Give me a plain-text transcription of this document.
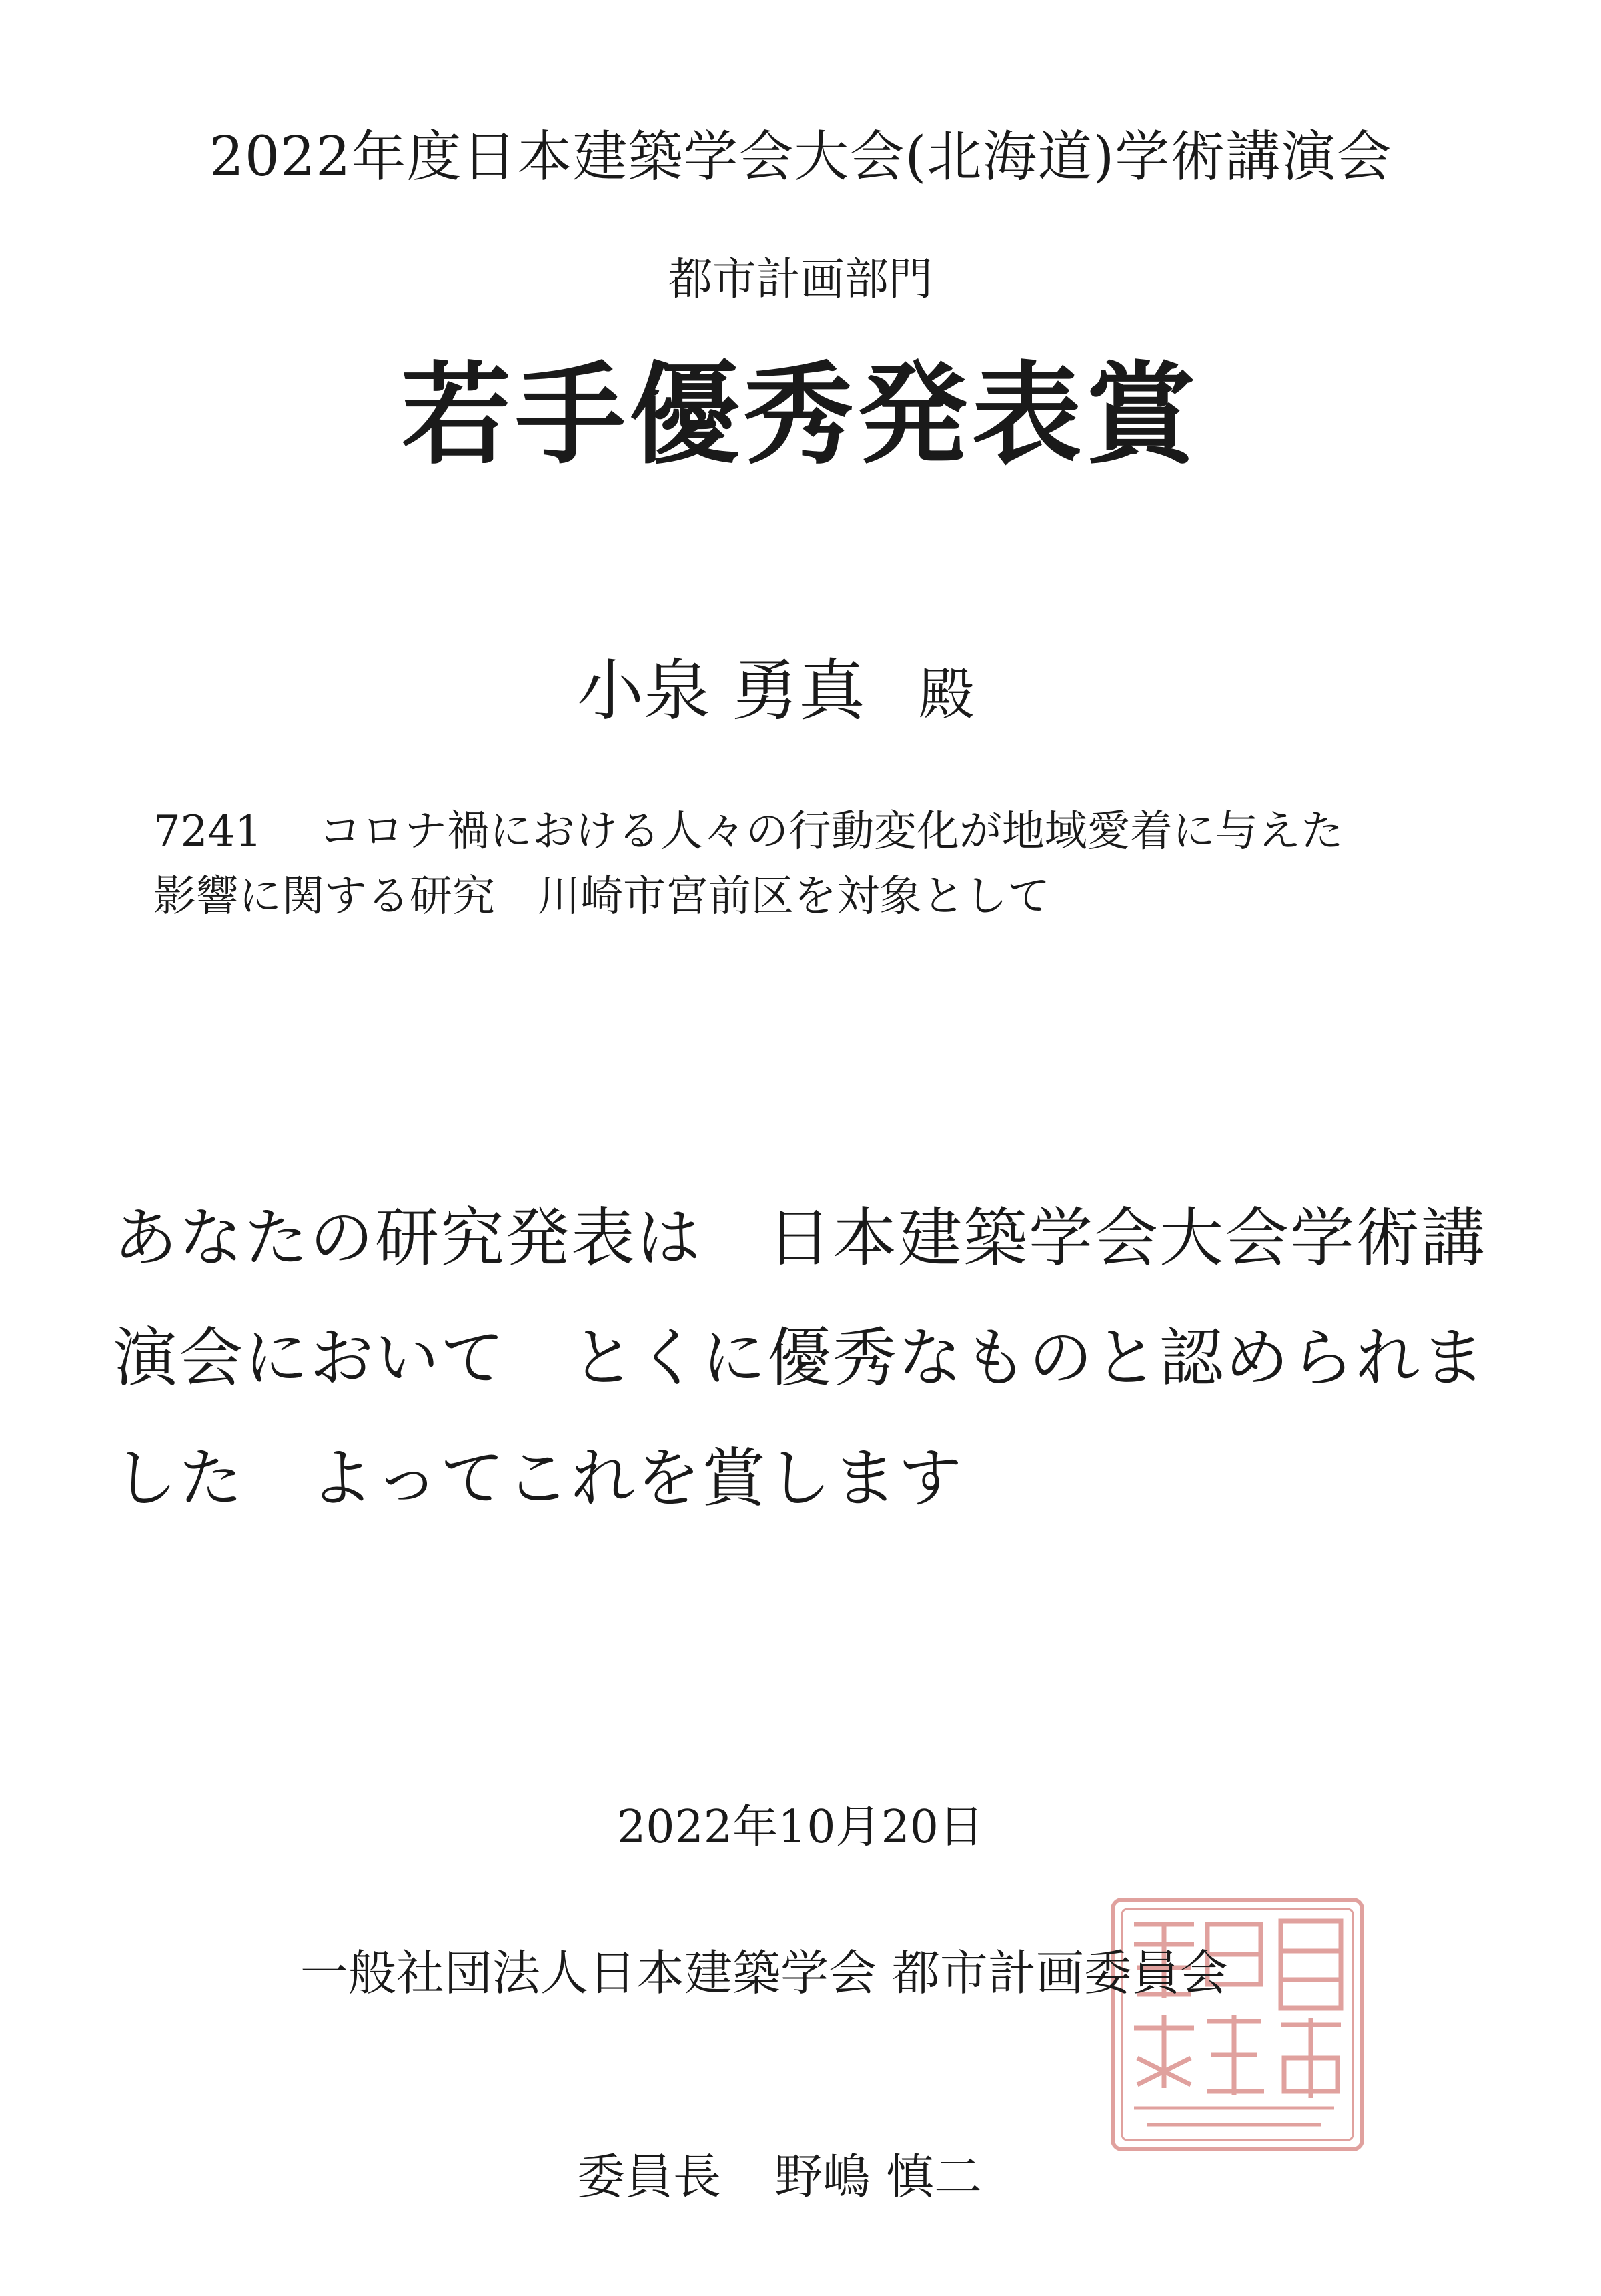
2022年度日本建築学会大会(北海道)学術講演会

都市計画部門

若手優秀発表賞

小泉 勇真 殿

7241 コロナ禍における人々の行動変化が地域愛着に与えた

影響に関する研究　川崎市宮前区を対象として

あなたの研究発表は　日本建築学会大会学術講

演会において　とくに優秀なものと認められま

した　よってこれを賞します

2022年10月20日

一般社団法人日本建築学会 都市計画委員会

委員長 野嶋 慎二
